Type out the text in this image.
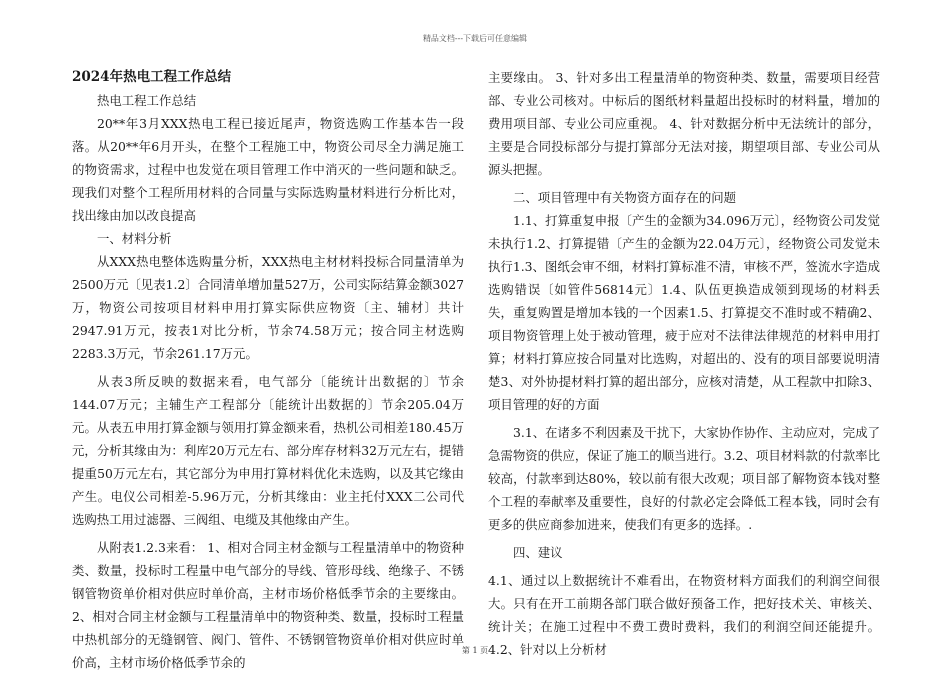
精品文档---下载后可任意编辑

2024年热电工程工作总结

热电工程工作总结

20**年3月XXX热电工程已接近尾声，物资选购工作基本告一段落。从20**年6月开头，在整个工程施工中，物资公司尽全力满足施工的物资需求，过程中也发觉在项目管理工作中消灭的一些问题和缺乏。现我们对整个工程所用材料的合同量与实际选购量材料进行分析比对，找出缘由加以改良提高

一、材料分析

从XXX热电整体选购量分析，XXX热电主材材料投标合同量清单为2500万元〔见表1.2〕合同清单增加量527万，公司实际结算金额3027万，物资公司按项目材料申用打算实际供应物资〔主、辅材〕共计2947.91万元，按表1对比分析，节余74.58万元；按合同主材选购2283.3万元，节余261.17万元。

从表3所反映的数据来看，电气部分〔能统计出数据的〕节余144.07万元；主辅生产工程部分〔能统计出数据的〕节余205.04万元。从表五申用打算金额与领用打算金额来看，热机公司相差180.45万元，分析其缘由为：利库20万元左右、部分库存材料32万元左右，提错提重50万元左右，其它部分为申用打算材料优化未选购，以及其它缘由产生。电仪公司相差-5.96万元，分析其缘由：业主托付XXX二公司代选购热工用过滤器、三阀组、电缆及其他缘由产生。

从附表1.2.3来看： 1、相对合同主材金额与工程量清单中的物资种类、数量，投标时工程量中电气部分的导线、管形母线、绝缘子、不锈钢管物资单价相对供应时单价高，主材市场价格低季节余的主要缘由。 2、相对合同主材金额与工程量清单中的物资种类、数量，投标时工程量中热机部分的无缝钢管、阀门、管件、不锈钢管物资单价相对供应时单价高，主材市场价格低季节余的

主要缘由。 3、针对多出工程量清单的物资种类、数量，需要项目经营部、专业公司核对。中标后的图纸材料量超出投标时的材料量，增加的费用项目部、专业公司应重视。 4、针对数据分析中无法统计的部分，主要是合同投标部分与提打算部分无法对接，期望项目部、专业公司从源头把握。

二、项目管理中有关物资方面存在的问题

1.1、打算重复申报〔产生的金额为34.096万元〕，经物资公司发觉未执行1.2、打算提错〔产生的金额为22.04万元〕，经物资公司发觉未执行1.3、图纸会审不细，材料打算标准不清，审核不严，签流水字造成选购错误〔如管件56814元〕1.4、队伍更换造成领到现场的材料丢失，重复购置是增加本钱的一个因素1.5、打算提交不准时或不精确2、项目物资管理上处于被动管理，疲于应对不法律法律规范的材料申用打算；材料打算应按合同量对比选购，对超出的、没有的项目部要说明清楚3、对外协提材料打算的超出部分，应核对清楚，从工程款中扣除3、项目管理的好的方面

3.1、在诸多不利因素及干扰下，大家协作协作、主动应对，完成了急需物资的供应，保证了施工的顺当进行。3.2、项目材料款的付款率比较高，付款率到达80%，较以前有很大改观；项目部了解物资本钱对整个工程的奉献率及重要性，良好的付款必定会降低工程本钱，同时会有更多的供应商参加进来，使我们有更多的选择。.

四、建议

4.1、通过以上数据统计不难看出，在物资材料方面我们的利润空间很大。只有在开工前期各部门联合做好预备工作，把好技术关、审核关、统计关；在施工过程中不费工费时费料，我们的利润空间还能提升。4.2、针对以上分析材

第 1 页
